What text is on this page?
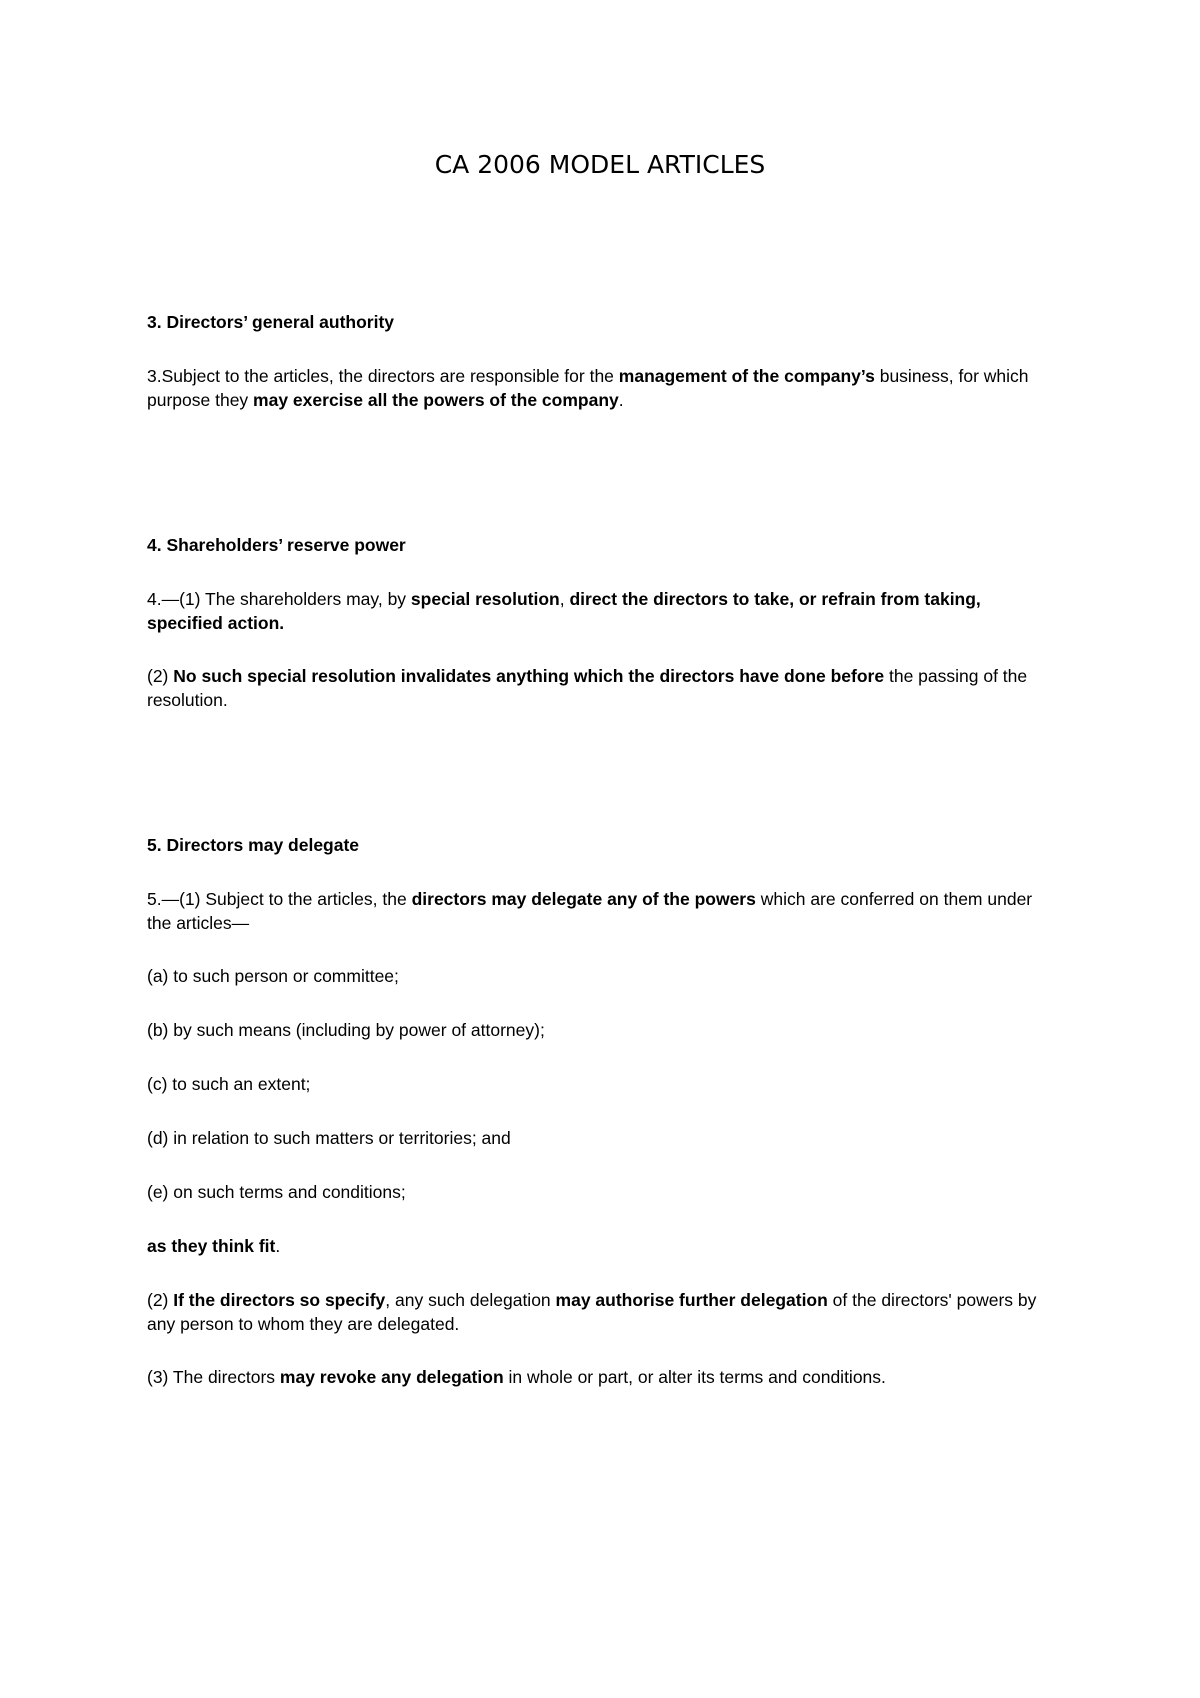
CA 2006 MODEL ARTICLES
3. Directors’ general authority
3.Subject to the articles, the directors are responsible for the management of the company’s business, for which purpose they may exercise all the powers of the company.
4. Shareholders’ reserve power
4.—(1) The shareholders may, by special resolution, direct the directors to take, or refrain from taking, specified action.
(2) No such special resolution invalidates anything which the directors have done before the passing of the resolution.
5. Directors may delegate
5.—(1) Subject to the articles, the directors may delegate any of the powers which are conferred on them under the articles—
(a) to such person or committee;
(b) by such means (including by power of attorney);
(c) to such an extent;
(d) in relation to such matters or territories; and
(e) on such terms and conditions;
as they think fit.
(2) If the directors so specify, any such delegation may authorise further delegation of the directors' powers by any person to whom they are delegated.
(3) The directors may revoke any delegation in whole or part, or alter its terms and conditions.
